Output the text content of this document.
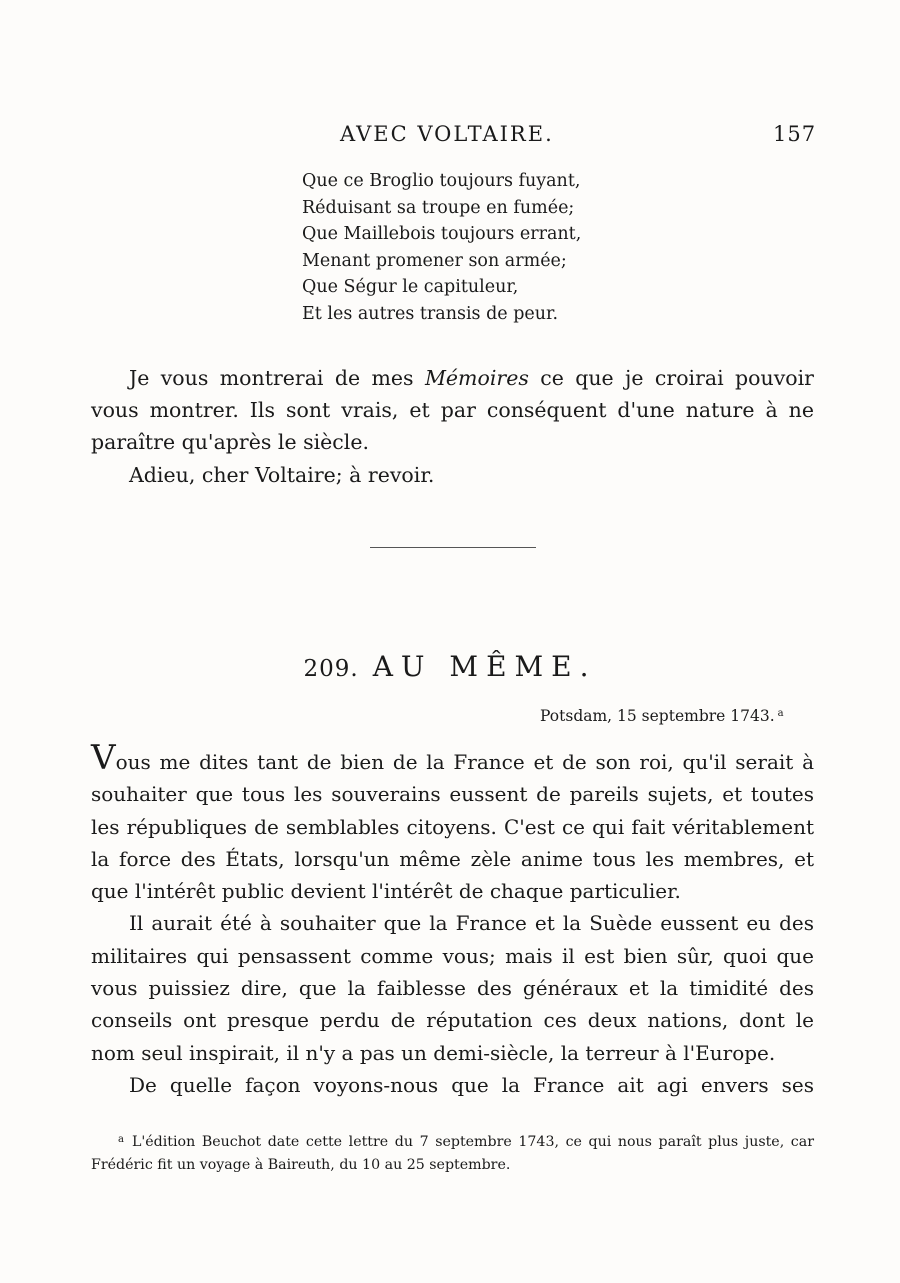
AVEC VOLTAIRE.	157
Que ce Broglio toujours fuyant,
Réduisant sa troupe en fumée;
Que Maillebois toujours errant,
Menant promener son armée;
Que Ségur le capituleur,
Et les autres transis de peur.

Je vous montrerai de mes Mémoires ce que je croirai pouvoir vous montrer. Ils sont vrais, et par conséquent d'une nature à ne paraître qu'après le siècle.

Adieu, cher Voltaire; à revoir.

209. AU MÊME.
Potsdam, 15 septembre 1743. $^a$

Vous me dites tant de bien de la France et de son roi, qu'il serait à souhaiter que tous les souverains eussent de pareils sujets, et toutes les républiques de semblables citoyens. C'est ce qui fait véritablement la force des États, lorsqu'un même zèle anime tous les membres, et que l'intérêt public devient l'intérêt de chaque particulier.

Il aurait été à souhaiter que la France et la Suède eussent eu des militaires qui pensassent comme vous; mais il est bien sûr, quoi que vous puissiez dire, que la faiblesse des généraux et la timidité des conseils ont presque perdu de réputation ces deux nations, dont le nom seul inspirait, il n'y a pas un demi-siècle, la terreur à l'Europe.

De quelle façon voyons-nous que la France ait agi envers ses

$^a$ L'édition Beuchot date cette lettre du 7 septembre 1743, ce qui nous paraît plus juste, car Frédéric fit un voyage à Baireuth, du 10 au 25 septembre.
